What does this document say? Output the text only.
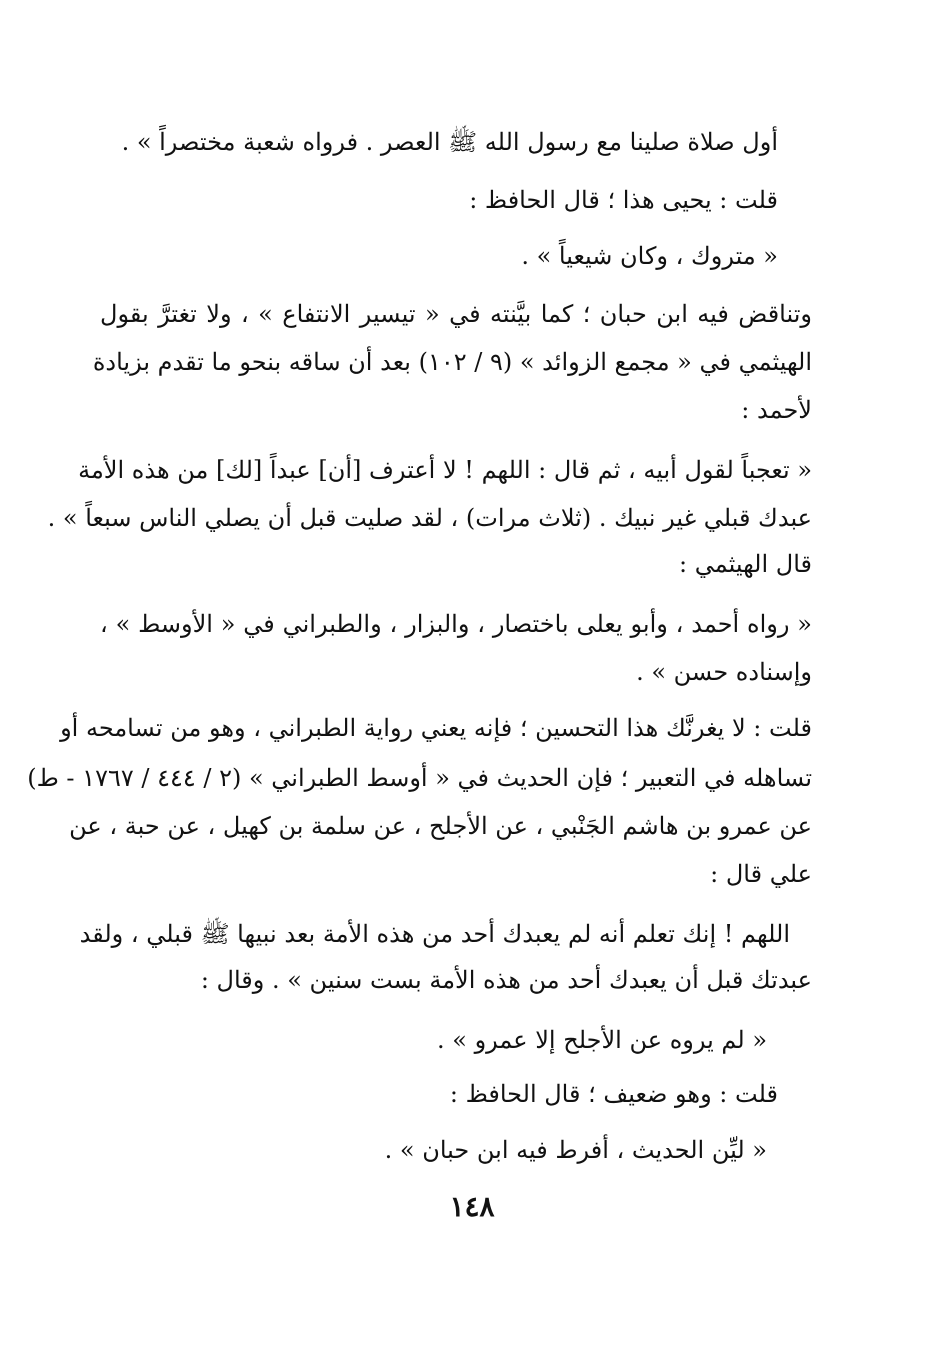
أول صلاة صلينا مع رسول الله ﷺ العصر . فرواه شعبة مختصراً » .
قلت : يحيى هذا ؛ قال الحافظ :
« متروك ، وكان شيعياً » .
وتناقض فيه ابن حبان ؛ كما بيَّنته في « تيسير الانتفاع » ، ولا تغترَّ بقول
الهيثمي في « مجمع الزوائد » (٩ / ١٠٢) بعد أن ساقه بنحو ما تقدم بزيادة
لأحمد :
« تعجباً لقول أبيه ، ثم قال : اللهم ! لا أعترف [أن] عبداً [لك] من هذه الأمة
عبدك قبلي غير نبيك . (ثلاث مرات) ، لقد صليت قبل أن يصلي الناس سبعاً » .
قال الهيثمي :
« رواه أحمد ، وأبو يعلى باختصار ، والبزار ، والطبراني في « الأوسط » ،
وإسناده حسن » .
قلت : لا يغرنَّك هذا التحسين ؛ فإنه يعني رواية الطبراني ، وهو من تسامحه أو
تساهله في التعبير ؛ فإن الحديث في « أوسط الطبراني » (٢ / ٤٤٤ / ١٧٦٧ - ط)
عن عمرو بن هاشم الجَنْبي ، عن الأجلح ، عن سلمة بن كهيل ، عن حبة ، عن
علي قال :
اللهم ! إنك تعلم أنه لم يعبدك أحد من هذه الأمة بعد نبيها ﷺ قبلي ، ولقد
عبدتك قبل أن يعبدك أحد من هذه الأمة بست سنين » . وقال :
« لم يروه عن الأجلح إلا عمرو » .
قلت : وهو ضعيف ؛ قال الحافظ :
« ليِّن الحديث ، أفرط فيه ابن حبان » .
١٤٨
